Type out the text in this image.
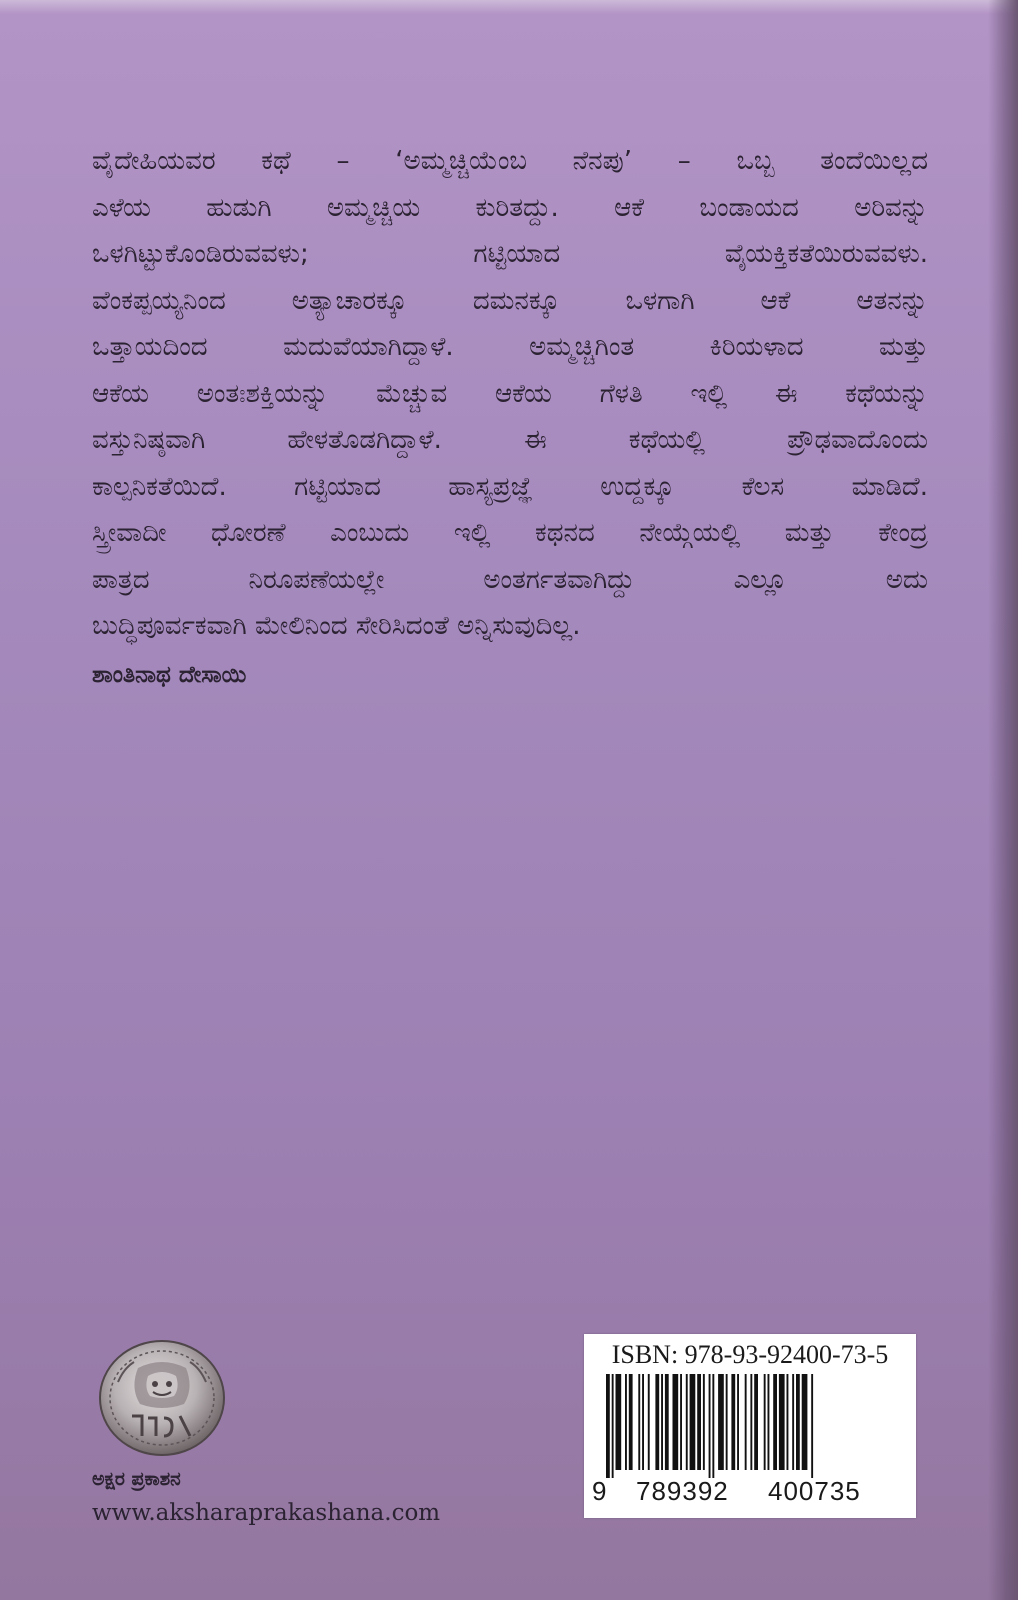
ವೈದೇಹಿಯವರ ಕಥೆ – ‘ಅಮ್ಮಚ್ಚಿಯೆಂಬ ನೆನಪು’ – ಒಬ್ಬ ತಂದೆಯಿಲ್ಲದ
ಎಳೆಯ ಹುಡುಗಿ ಅಮ್ಮಚ್ಚಿಯ ಕುರಿತದ್ದು. ಆಕೆ ಬಂಡಾಯದ ಅರಿವನ್ನು
ಒಳಗಿಟ್ಟುಕೊಂಡಿರುವವಳು; ಗಟ್ಟಿಯಾದ ವೈಯಕ್ತಿಕತೆಯಿರುವವಳು.
ವೆಂಕಪ್ಪಯ್ಯನಿಂದ ಅತ್ಯಾಚಾರಕ್ಕೂ ದಮನಕ್ಕೂ ಒಳಗಾಗಿ ಆಕೆ ಆತನನ್ನು
ಒತ್ತಾಯದಿಂದ ಮದುವೆಯಾಗಿದ್ದಾಳೆ. ಅಮ್ಮಚ್ಚಿಗಿಂತ ಕಿರಿಯಳಾದ ಮತ್ತು
ಆಕೆಯ ಅಂತಃಶಕ್ತಿಯನ್ನು ಮೆಚ್ಚುವ ಆಕೆಯ ಗೆಳತಿ ಇಲ್ಲಿ ಈ ಕಥೆಯನ್ನು
ವಸ್ತುನಿಷ್ಠವಾಗಿ ಹೇಳತೊಡಗಿದ್ದಾಳೆ. ಈ ಕಥೆಯಲ್ಲಿ ಪ್ರೌಢವಾದೊಂದು
ಕಾಲ್ಪನಿಕತೆಯಿದೆ. ಗಟ್ಟಿಯಾದ ಹಾಸ್ಯಪ್ರಜ್ಞೆ ಉದ್ದಕ್ಕೂ ಕೆಲಸ ಮಾಡಿದೆ.
ಸ್ತ್ರೀವಾದೀ ಧೋರಣೆ ಎಂಬುದು ಇಲ್ಲಿ ಕಥನದ ನೇಯ್ಗೆಯಲ್ಲಿ ಮತ್ತು ಕೇಂದ್ರ
ಪಾತ್ರದ ನಿರೂಪಣೆಯಲ್ಲೇ ಅಂತರ್ಗತವಾಗಿದ್ದು ಎಲ್ಲೂ ಅದು
ಬುದ್ಧಿಪೂರ್ವಕವಾಗಿ ಮೇಲಿನಿಂದ ಸೇರಿಸಿದಂತೆ ಅನ್ನಿಸುವುದಿಲ್ಲ.

ಶಾಂತಿನಾಥ ದೇಸಾಯಿ

ಅಕ್ಷರ ಪ್ರಕಾಶನ

www.aksharaprakashana.com

ISBN: 978-93-92400-73-5

9 789392 400735
